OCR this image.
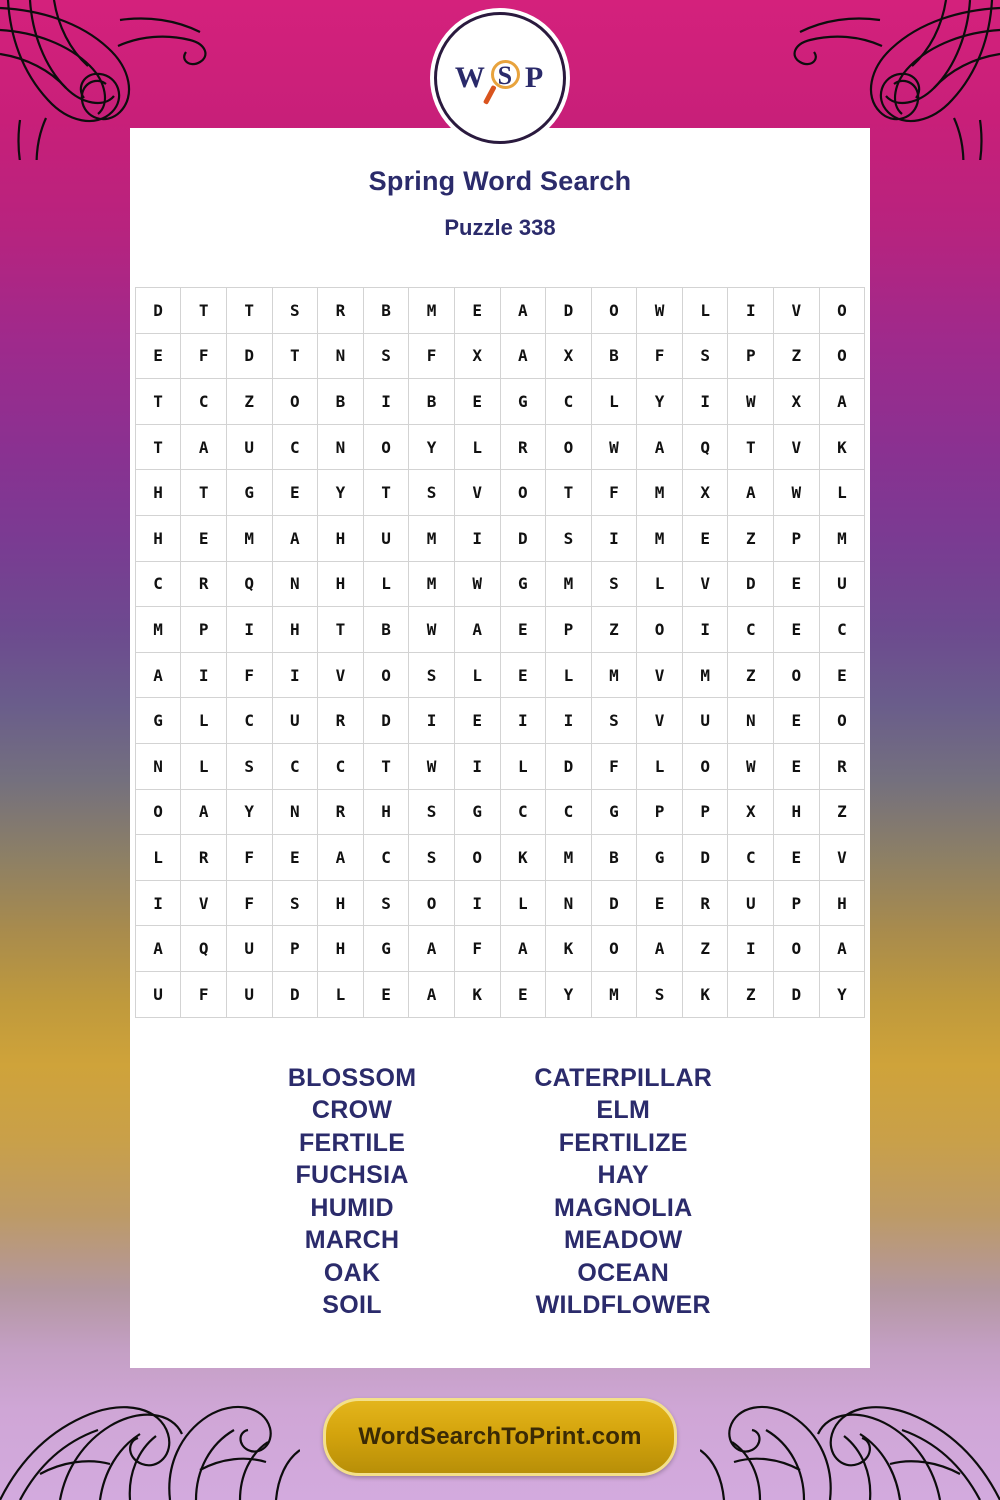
W S P
Spring Word Search
Puzzle 338
D	T	T	S	R	B	M	E	A	D	O	W	L	I	V	O
E	F	D	T	N	S	F	X	A	X	B	F	S	P	Z	O
T	C	Z	O	B	I	B	E	G	C	L	Y	I	W	X	A
T	A	U	C	N	O	Y	L	R	O	W	A	Q	T	V	K
H	T	G	E	Y	T	S	V	O	T	F	M	X	A	W	L
H	E	M	A	H	U	M	I	D	S	I	M	E	Z	P	M
C	R	Q	N	H	L	M	W	G	M	S	L	V	D	E	U
M	P	I	H	T	B	W	A	E	P	Z	O	I	C	E	C
A	I	F	I	V	O	S	L	E	L	M	V	M	Z	O	E
G	L	C	U	R	D	I	E	I	I	S	V	U	N	E	O
N	L	S	C	C	T	W	I	L	D	F	L	O	W	E	R
O	A	Y	N	R	H	S	G	C	C	G	P	P	X	H	Z
L	R	F	E	A	C	S	O	K	M	B	G	D	C	E	V
I	V	F	S	H	S	O	I	L	N	D	E	R	U	P	H
A	Q	U	P	H	G	A	F	A	K	O	A	Z	I	O	A
U	F	U	D	L	E	A	K	E	Y	M	S	K	Z	D	Y
BLOSSOM
CROW
FERTILE
FUCHSIA
HUMID
MARCH
OAK
SOIL
CATERPILLAR
ELM
FERTILIZE
HAY
MAGNOLIA
MEADOW
OCEAN
WILDFLOWER
WordSearchToPrint.com
